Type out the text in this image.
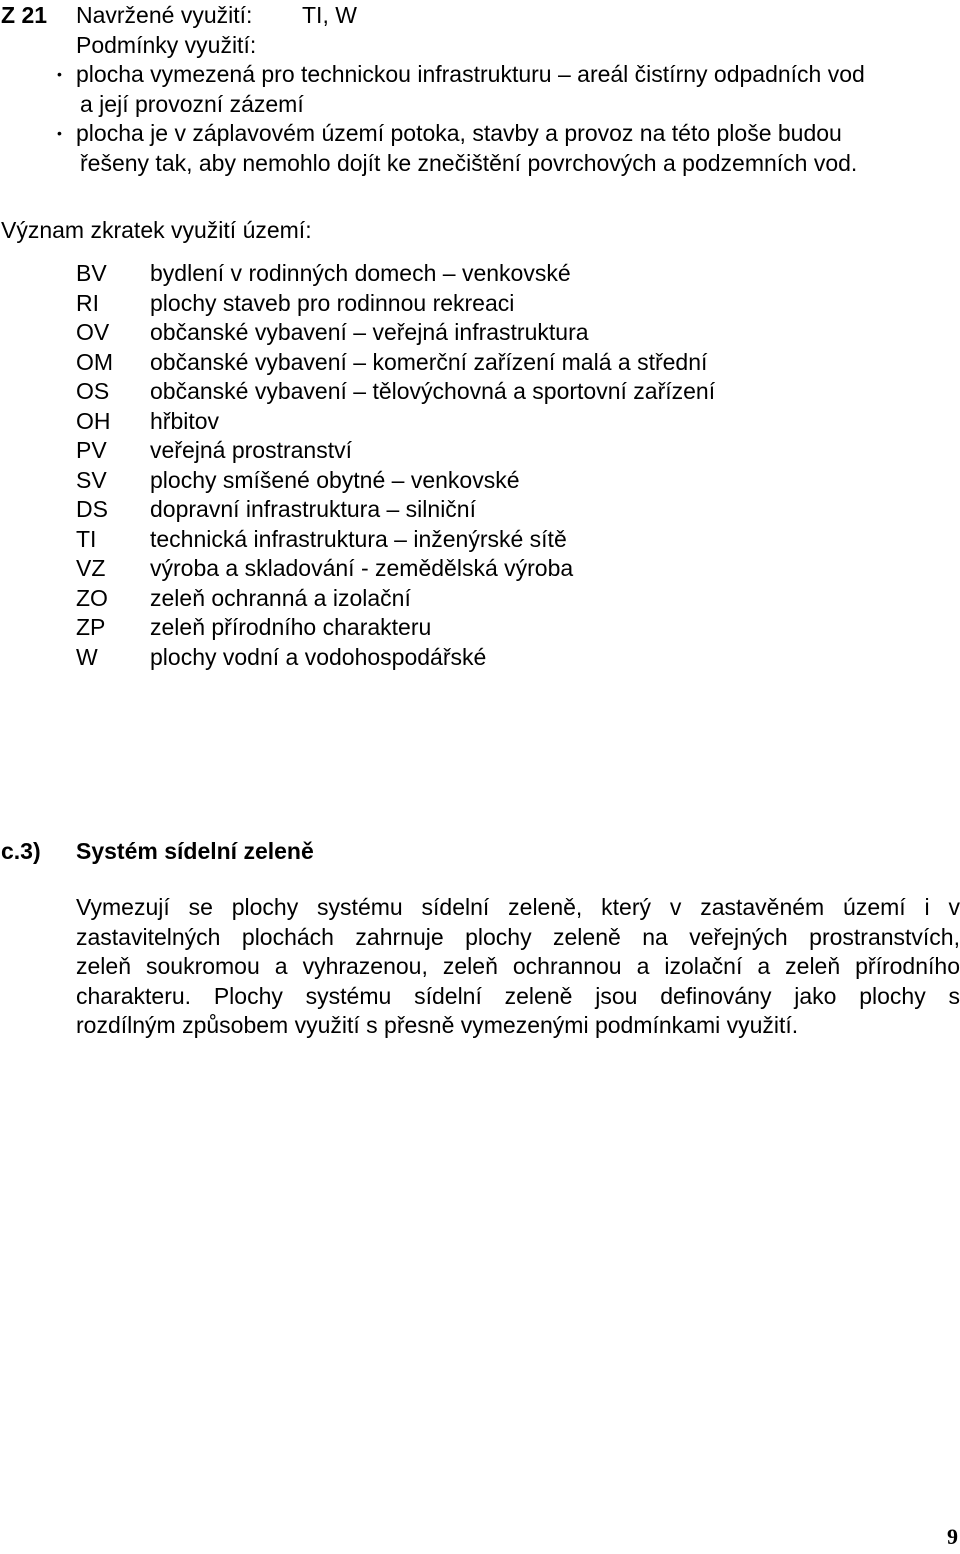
Z 21 Navržené využití: TI, W
Podmínky využití:
• plocha vymezená pro technickou infrastrukturu – areál čistírny odpadních vod
a její provozní zázemí
• plocha je v záplavovém území potoka, stavby a provoz na této ploše budou
řešeny tak, aby nemohlo dojít ke znečištění povrchových a podzemních vod.
Význam zkratek využití území:
BV bydlení v rodinných domech – venkovské
RI plochy staveb pro rodinnou rekreaci
OV občanské vybavení – veřejná infrastruktura
OM občanské vybavení – komerční zařízení malá a střední
OS občanské vybavení – tělovýchovná a sportovní zařízení
OH hřbitov
PV veřejná prostranství
SV plochy smíšené obytné – venkovské
DS dopravní infrastruktura – silniční
TI technická infrastruktura – inženýrské sítě
VZ výroba a skladování - zemědělská výroba
ZO zeleň ochranná a izolační
ZP zeleň přírodního charakteru
W plochy vodní a vodohospodářské
c.3) Systém sídelní zeleně
Vymezují se plochy systému sídelní zeleně, který v zastavěném území i v
zastavitelných plochách zahrnuje plochy zeleně na veřejných prostranstvích,
zeleň soukromou a vyhrazenou, zeleň ochrannou a izolační a zeleň přírodního
charakteru. Plochy systému sídelní zeleně jsou definovány jako plochy s
rozdílným způsobem využití s přesně vymezenými podmínkami využití.
9
